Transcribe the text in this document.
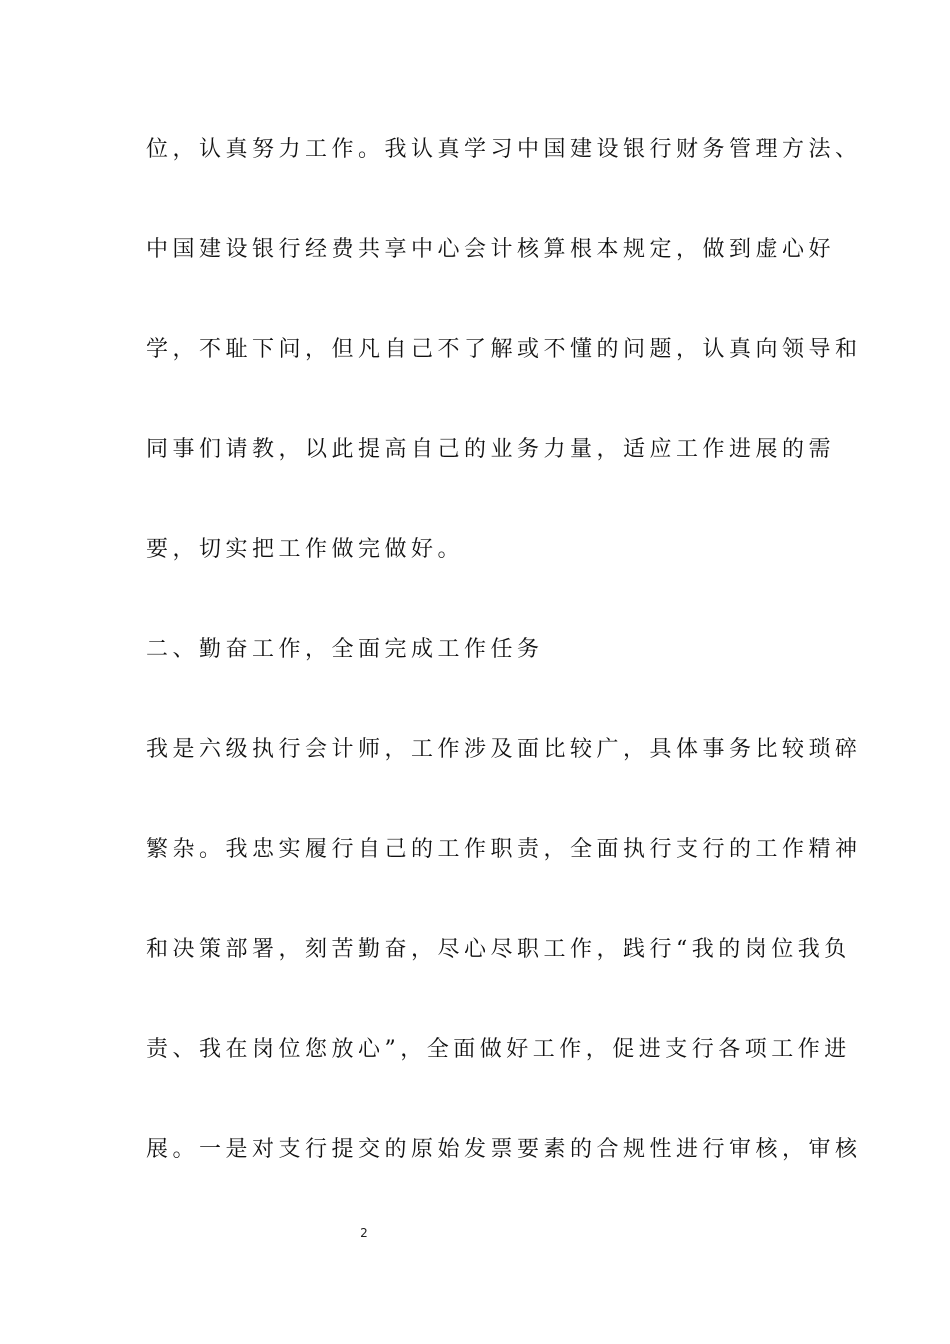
位，认真努力工作。我认真学习中国建设银行财务管理方法、
中国建设银行经费共享中心会计核算根本规定，做到虚心好
学，不耻下问，但凡自己不了解或不懂的问题，认真向领导和
同事们请教，以此提高自己的业务力量，适应工作进展的需
要，切实把工作做完做好。
二、勤奋工作，全面完成工作任务
我是六级执行会计师，工作涉及面比较广，具体事务比较琐碎
繁杂。我忠实履行自己的工作职责，全面执行支行的工作精神
和决策部署，刻苦勤奋，尽心尽职工作，践行“我的岗位我负
责、我在岗位您放心”，全面做好工作，促进支行各项工作进
展。一是对支行提交的原始发票要素的合规性进行审核，审核
2
